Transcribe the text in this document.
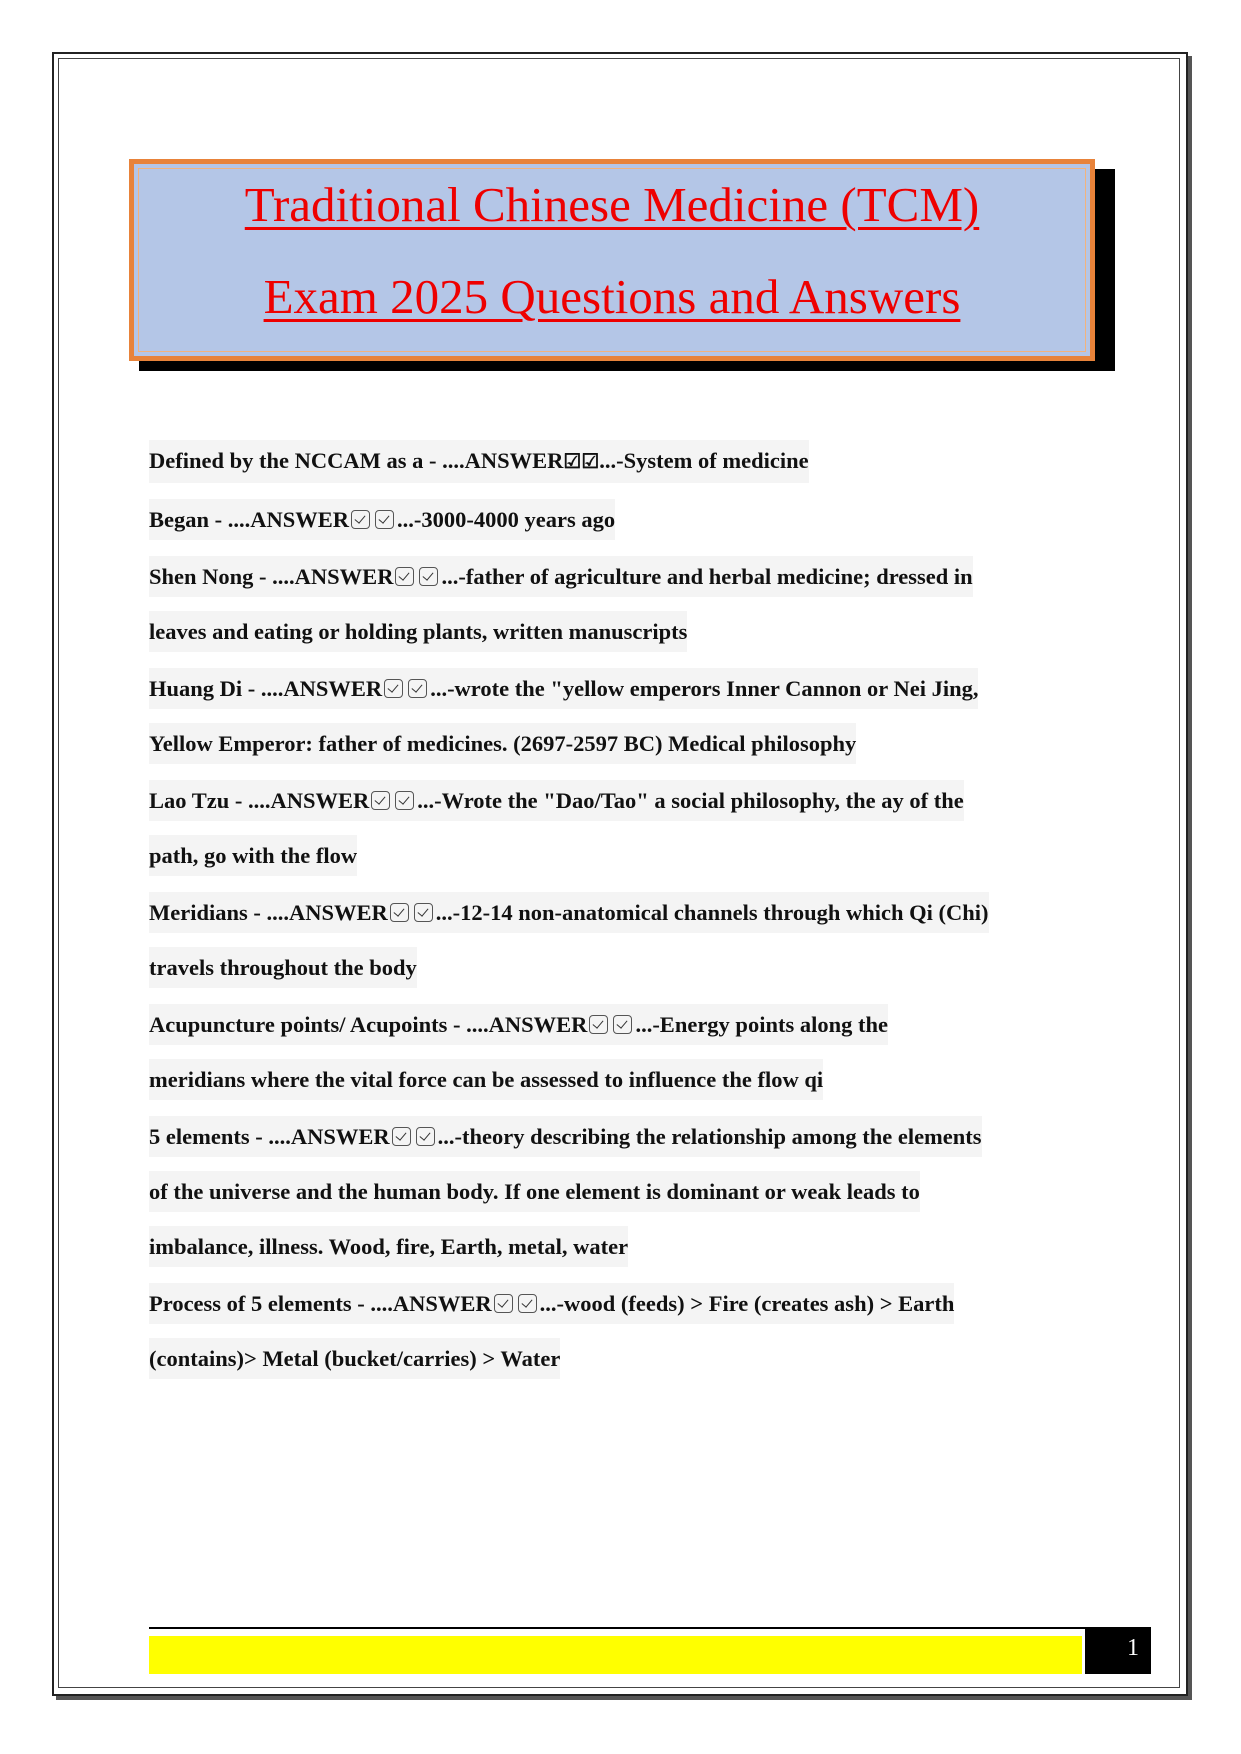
Traditional Chinese Medicine (TCM)
Exam 2025 Questions and Answers
Defined by the NCCAM as a - ....ANSWER☑☑...-System of medicine
Began - ....ANSWER ...-3000-4000 years ago
Shen Nong - ....ANSWER ...-father of agriculture and herbal medicine; dressed in
leaves and eating or holding plants, written manuscripts
Huang Di - ....ANSWER ...-wrote the "yellow emperors Inner Cannon or Nei Jing,
Yellow Emperor: father of medicines. (2697-2597 BC) Medical philosophy
Lao Tzu - ....ANSWER ...-Wrote the "Dao/Tao" a social philosophy, the ay of the
path, go with the flow
Meridians - ....ANSWER ...-12-14 non-anatomical channels through which Qi (Chi)
travels throughout the body
Acupuncture points/ Acupoints - ....ANSWER ...-Energy points along the
meridians where the vital force can be assessed to influence the flow qi
5 elements - ....ANSWER ...-theory describing the relationship among the elements
of the universe and the human body. If one element is dominant or weak leads to
imbalance, illness. Wood, fire, Earth, metal, water
Process of 5 elements - ....ANSWER ...-wood (feeds) > Fire (creates ash) > Earth
(contains)> Metal (bucket/carries) > Water
1
